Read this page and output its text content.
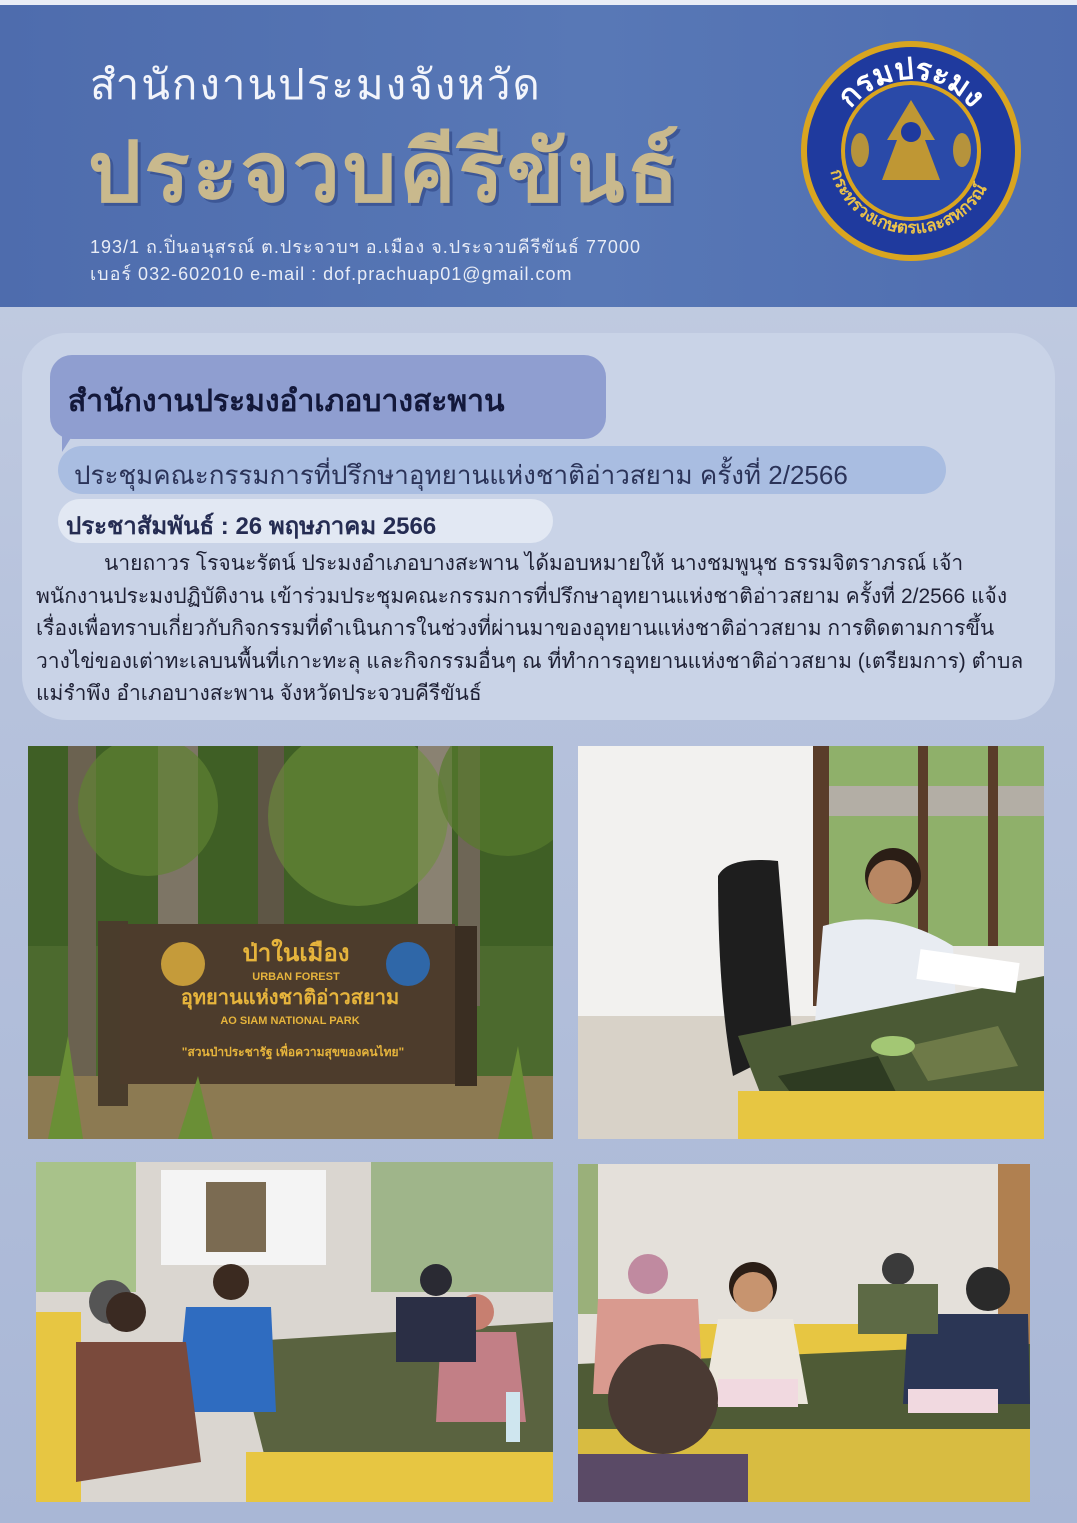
สำนักงานประมงจังหวัด
ประจวบคีรีขันธ์
193/1 ถ.ปิ่นอนุสรณ์ ต.ประจวบฯ อ.เมือง จ.ประจวบคีรีขันธ์ 77000
เบอร์ 032-602010 e-mail : dof.prachuap01@gmail.com
กรมประมง
กระทรวงเกษตรและสหกรณ์
สำนักงานประมงอำเภอบางสะพาน
ประชุมคณะกรรมการที่ปรึกษาอุทยานแห่งชาติอ่าวสยาม ครั้งที่ 2/2566
ประชาสัมพันธ์ : 26 พฤษภาคม 2566
นายถาวร โรจนะรัตน์ ประมงอำเภอบางสะพาน ได้มอบหมายให้ นางชมพูนุช ธรรมจิตราภรณ์ เจ้าพนักงานประมงปฏิบัติงาน เข้าร่วมประชุมคณะกรรมการที่ปรึกษาอุทยานแห่งชาติอ่าวสยาม ครั้งที่ 2/2566 แจ้งเรื่องเพื่อทราบเกี่ยวกับกิจกรรมที่ดำเนินการในช่วงที่ผ่านมาของอุทยานแห่งชาติอ่าวสยาม การติดตามการขึ้นวางไข่ของเต่าทะเลบนพื้นที่เกาะทะลุ และกิจกรรมอื่นๆ ณ ที่ทำการอุทยานแห่งชาติอ่าวสยาม (เตรียมการ) ตำบลแม่รำพึง อำเภอบางสะพาน จังหวัดประจวบคีรีขันธ์
ป่าในเมือง
URBAN FOREST
อุทยานแห่งชาติอ่าวสยาม
AO SIAM NATIONAL PARK
"สวนป่าประชารัฐ เพื่อความสุขของคนไทย"
